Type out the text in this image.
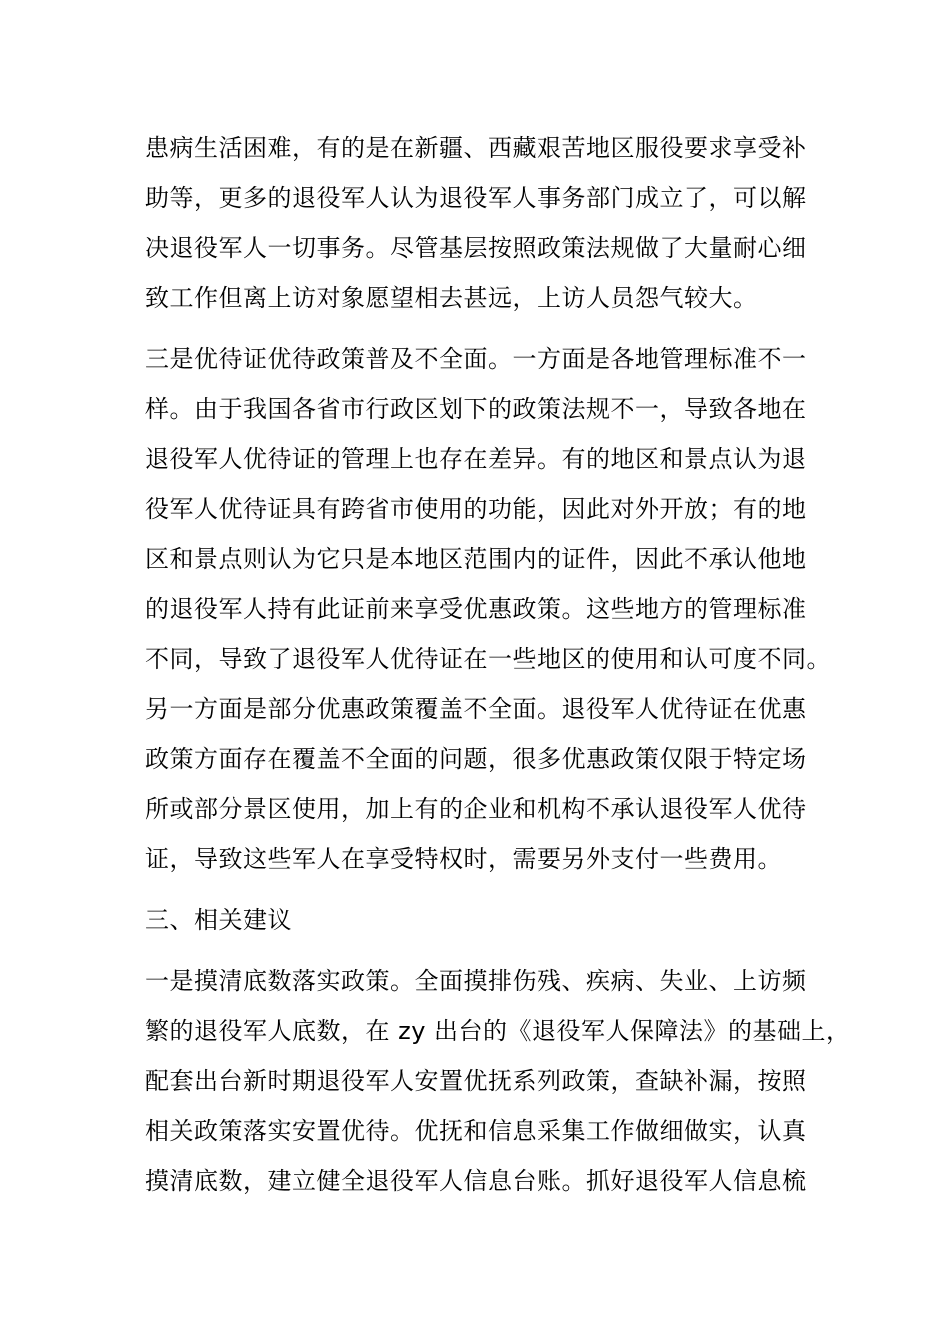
患病生活困难，有的是在新疆、西藏艰苦地区服役要求享受补
助等，更多的退役军人认为退役军人事务部门成立了，可以解
决退役军人一切事务。尽管基层按照政策法规做了大量耐心细
致工作但离上访对象愿望相去甚远，上访人员怨气较大。
三是优待证优待政策普及不全面。一方面是各地管理标准不一
样。由于我国各省市行政区划下的政策法规不一，导致各地在
退役军人优待证的管理上也存在差异。有的地区和景点认为退
役军人优待证具有跨省市使用的功能，因此对外开放；有的地
区和景点则认为它只是本地区范围内的证件，因此不承认他地
的退役军人持有此证前来享受优惠政策。这些地方的管理标准
不同，导致了退役军人优待证在一些地区的使用和认可度不同。
另一方面是部分优惠政策覆盖不全面。退役军人优待证在优惠
政策方面存在覆盖不全面的问题，很多优惠政策仅限于特定场
所或部分景区使用，加上有的企业和机构不承认退役军人优待
证，导致这些军人在享受特权时，需要另外支付一些费用。
三、相关建议
一是摸清底数落实政策。全面摸排伤残、疾病、失业、上访频
繁的退役军人底数，在 zy 出台的《退役军人保障法》的基础上，
配套出台新时期退役军人安置优抚系列政策，查缺补漏，按照
相关政策落实安置优待。优抚和信息采集工作做细做实，认真
摸清底数，建立健全退役军人信息台账。抓好退役军人信息梳
